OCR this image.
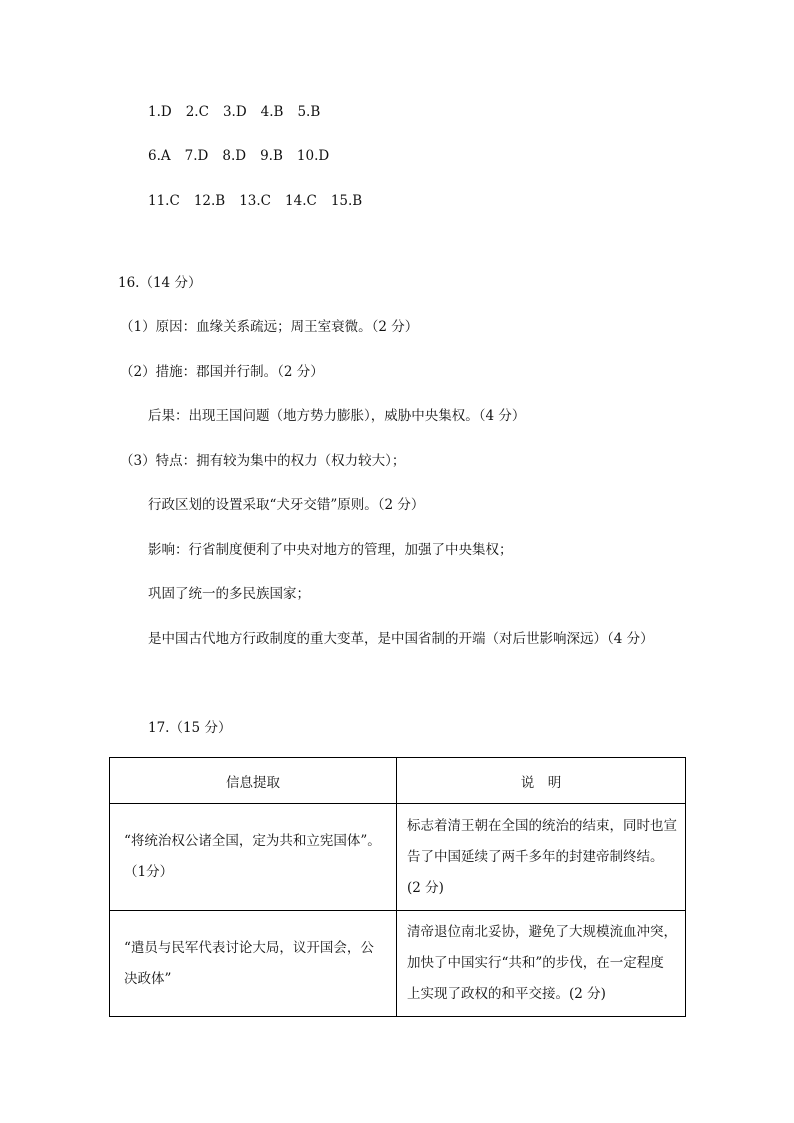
1.D 2.C 3.D 4.B 5.B
6.A 7.D 8.D 9.B 10.D
11.C 12.B 13.C 14.C 15.B
16.（14 分）
（1）原因：血缘关系疏远；周王室衰微。（2 分）
（2）措施：郡国并行制。（2 分）
后果：出现王国问题（地方势力膨胀），威胁中央集权。（4 分）
（3）特点：拥有较为集中的权力（权力较大）；
行政区划的设置采取“犬牙交错”原则。（2 分）
影响：行省制度便利了中央对地方的管理，加强了中央集权；
巩固了统一的多民族国家；
是中国古代地方行政制度的重大变革，是中国省制的开端（对后世影响深远）（4 分）
17.（15 分）
信息提取	说　明
“将统治权公诸全国，定为共和立宪国体”。　（1分）	标志着清王朝在全国的统治的结束，同时也宣告了中国延续了两千多年的封建帝制终结。(2 分)
“遣员与民军代表讨论大局，议开国会，公决政体”	清帝退位南北妥协，避免了大规模流血冲突，加快了中国实行“共和”的步伐，在一定程度上实现了政权的和平交接。(2 分)
